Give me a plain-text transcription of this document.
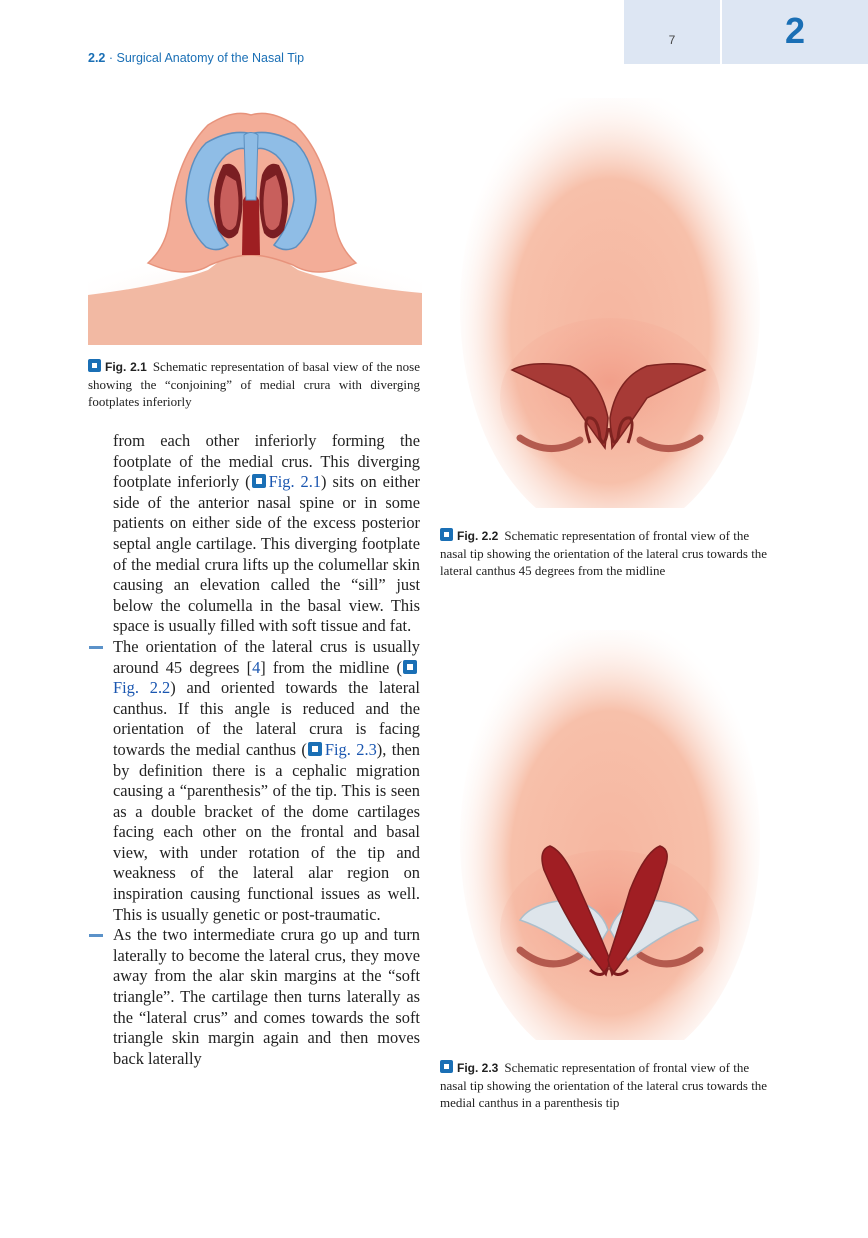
7	2
2.2 · Surgical Anatomy of the Nasal Tip
Fig. 2.1 Schematic representation of basal view of the nose showing the “conjoining” of medial crura with diverging footplates inferiorly
Fig. 2.2 Schematic representation of frontal view of the nasal tip showing the orientation of the lateral crus towards the lateral canthus 45 degrees from the midline
Fig. 2.3 Schematic representation of frontal view of the nasal tip showing the orientation of the lateral crus towards the medial canthus in a parenthesis tip

from each other inferiorly forming the footplate of the medial crus. This diverging footplate inferiorly ( Fig. 2.1) sits on either side of the anterior nasal spine or in some patients on either side of the excess posterior septal angle cartilage. This diverging footplate of the medial crura lifts up the columellar skin causing an elevation called the “sill” just below the columella in the basal view. This space is usually filled with soft tissue and fat.

The orientation of the lateral crus is usually around 45 degrees [4] from the midline (Fig. 2.2) and oriented towards the lateral canthus. If this angle is reduced and the orientation of the lateral crura is facing towards the medial canthus ( Fig. 2.3), then by definition there is a cephalic migration causing a “parenthesis” of the tip. This is seen as a double bracket of the dome cartilages facing each other on the frontal and basal view, with under rotation of the tip and weakness of the lateral alar region on inspiration causing functional issues as well. This is usually genetic or post-traumatic.

As the two intermediate crura go up and turn laterally to become the lateral crus, they move away from the alar skin margins at the “soft triangle”. The cartilage then turns laterally as the “lateral crus” and comes towards the soft triangle skin margin again and then moves back laterally
